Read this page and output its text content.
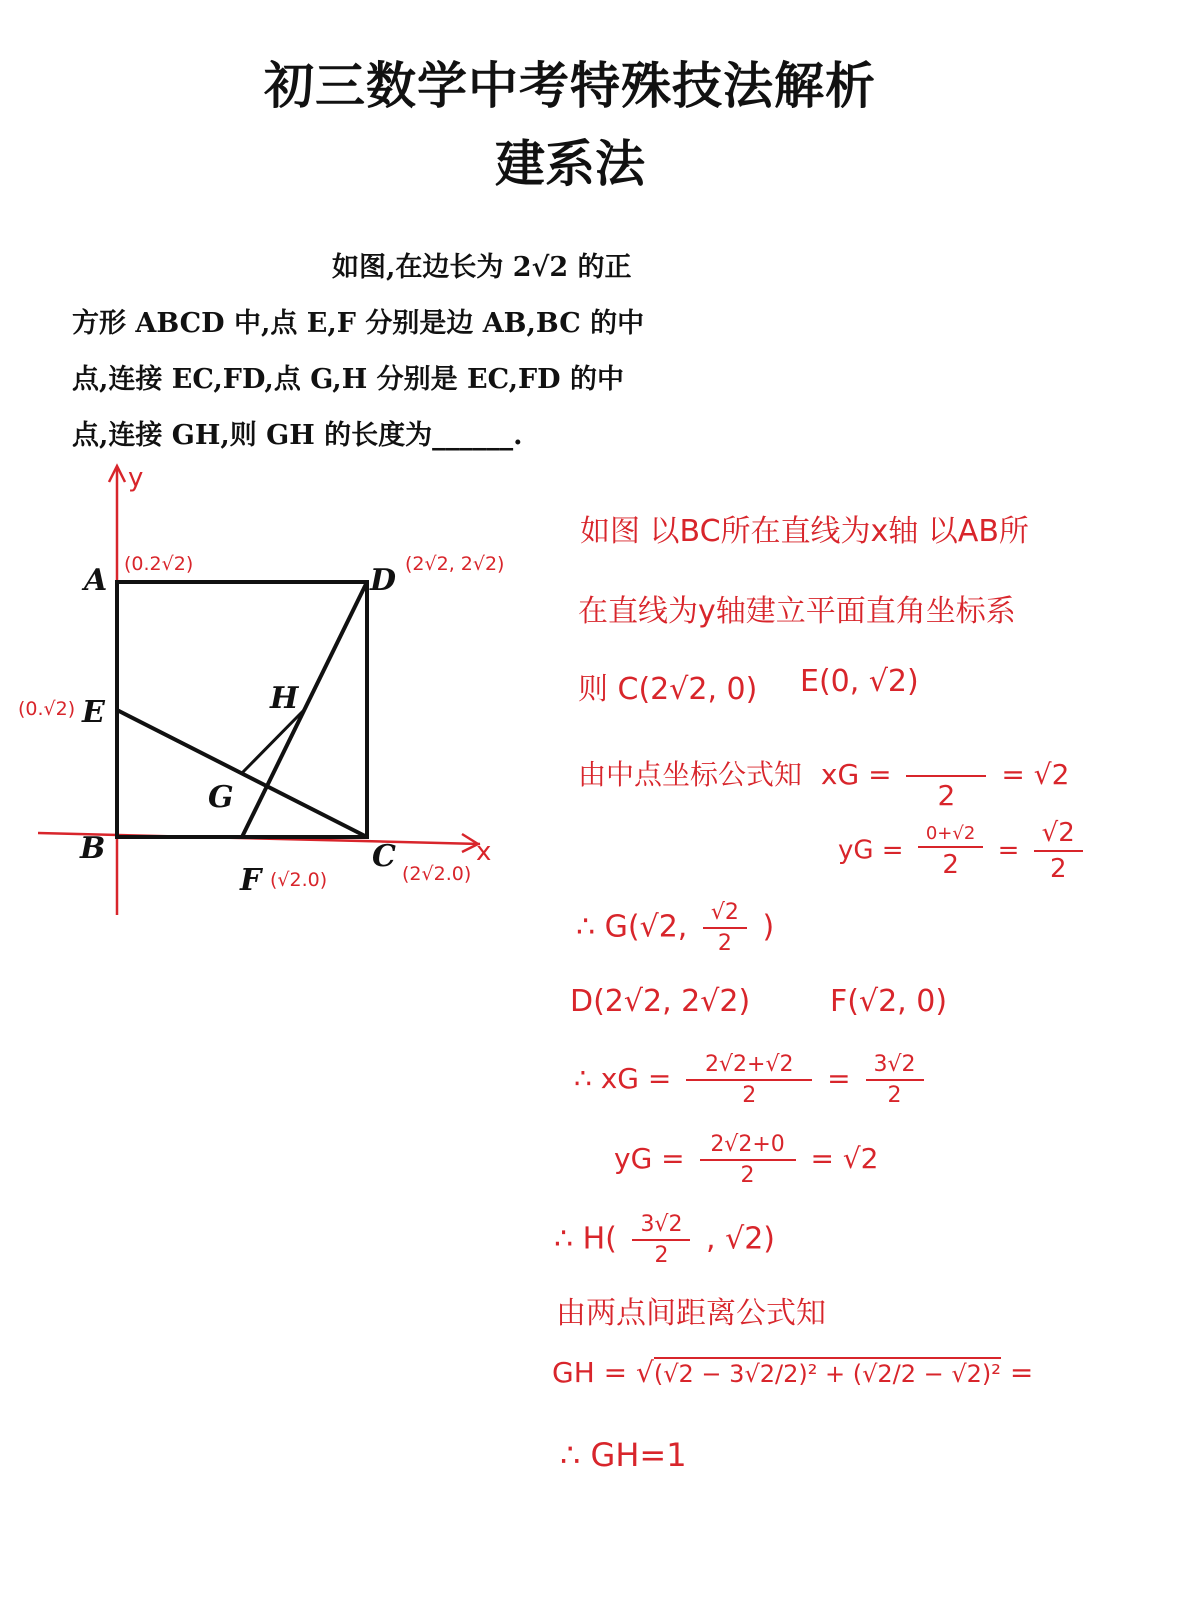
初三数学中考特殊技法解析
建系法
如图,在边长为 2√2 的正
方形 ABCD 中,点 E,F 分别是边 AB,BC 的中
点,连接 EC,FD,点 G,H 分别是 EC,FD 的中
点,连接 GH,则 GH 的长度为______.
y
x
A	D
E
B	C
F
G
H
(0.2√2)	(2√2, 2√2)
(0.√2)
(√2.0)	(2√2.0)
如图 以BC所在直线为x轴 以AB所
在直线为y轴建立平面直角坐标系
则 C(2√2, 0) E(0, √2)
由中点坐标公式知 xG =

2
= √2
yG = $\frac{0+√2}{2} = \frac{√2}{2}$
∴ G(√2, $\frac{√2}{2}$ )
D(2√2, 2√2)	F(√2, 0)
∴ xG = $\frac{2√2+√2}{2} = \frac{3√2}{2}$
yG = $\frac{2√2+0}{2} = √2$
∴ $H( \frac{3√2}{2}$ , √2)
由两点间距离公式知
GH = √(√2 − 3√2/2)² + (√2/2 − √2)² =
∴ GH=1
